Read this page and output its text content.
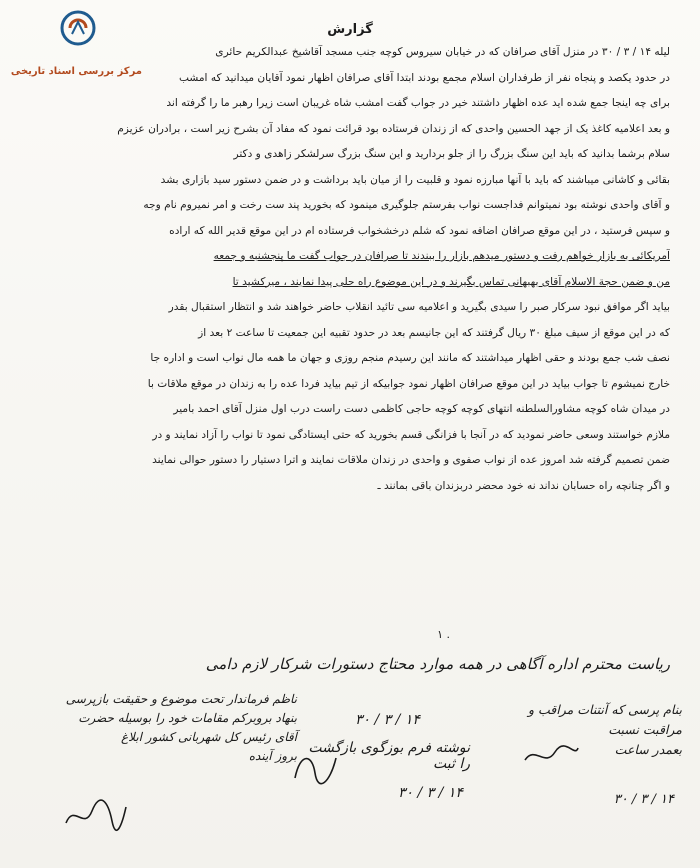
مرکز بررسی اسناد تاریخی
گزارش
لیله ۱۴ / ۳ / ۳۰ در منزل آقای صرافان که در خیابان سیروس کوچه جنب مسجد آقاشیخ عبدالکریم حائری
در حدود یکصد و پنجاه نفر از طرفداران اسلام مجمع بودند ابتدا آقای صرافان اظهار نمود آقایان میدانید که امشب
برای چه اینجا جمع شده اید عده اظهار داشتند خیر در جواب گفت امشب شاه غریبان است زیرا رهبر ما را گرفته اند
و بعد اعلامیه کاغذ یک از جهد الحسین واحدی که از زندان فرستاده بود قرائت نمود که مفاد آن بشرح زیر است ، برادران عزیزم
سلام برشما بدانید که باید این سنگ بزرگ را از جلو بردارید و این سنگ بزرگ سرلشکر زاهدی و دکتر
بقائی و کاشانی میباشند که باید با آنها مبارزه نمود و قلبیت را از میان باید برداشت و در ضمن دستور سید بازاری بشد
و آقای واحدی نوشته بود نمیتوانم فداجست نواب بفرستم جلوگیری مینمود که بخورید پند ست رخت و امر نمیروم نام وجه
و سپس فرستید ، در این موقع صرافان اضافه نمود که شلم درخشخواب فرستاده ام در این موقع قدیر الله که اراده
آمریکائی به بازار خواهم رفت و دستور میدهم بازار را ببندند تا صرافان در جواب گفت ما پنجشنبه و جمعه
من و ضمن حجة الاسلام آقای بهبهانی تماس بگیرند و در این موضوع راه حلی پیدا نمایند ، میرکشید تا
بیاید اگر موافق نبود سرکار صبر را سیدی بگیرید و اعلامیه سی تائید انقلاب حاضر خواهند شد و انتظار استقبال بقدر
که در این موقع از سیف مبلغ ۳۰ ریال گرفتند که این جانیسم بعد در حدود تقبیه این جمعیت تا ساعت ۲ بعد از
نصف شب جمع بودند و حقی اظهار میداشتند که مانند این رسیدم منجم روزی و جهان ما همه مال نواب است و اداره جا
خارج نمیشوم تا جواب بیاید در این موقع صرافان اظهار نمود جوابیکه از تیم بیاید فردا عده را به زندان در موقع ملاقات با
در میدان شاه کوچه مشاورالسلطنه انتهای کوچه کوچه حاجی کاظمی دست راست درب اول منزل آقای احمد بامیر
ملازم خواستند وسعی حاضر نمودید که در آنجا با فزانگی قسم بخورید که حتی ایستادگی نمود تا نواب را آزاد نمایند و در
ضمن تصمیم گرفته شد امروز عده از نواب صفوی و واحدی در زندان ملاقات نمایند و اترا دستیار را دستور حوالی نمایند
و اگر چنانچه راه حسابان نداند نه خود محضر دربزندان باقی بمانند ـ
۱ .
ریاست محترم اداره آگاهی در همه موارد محتاج دستورات شرکار لازم دامی
۱۴ / ۳ / ۳۰
بنام پرسی که آنتنات مراقب و مراقبت نسبت
بعمدر ساعت
۱۴ / ۳ / ۳۰
نوشته فرم بوزگوی بازگشت را ثبت
۱۴ / ۳ / ۳۰
ناظم فرماندار تحت موضوع و حقیقت بازپرسی
بنهاد بروبرکم مقامات خود را بوسیله حضرت
آقای رئیس کل شهربانی کشور ابلاغ
بروز آینده
